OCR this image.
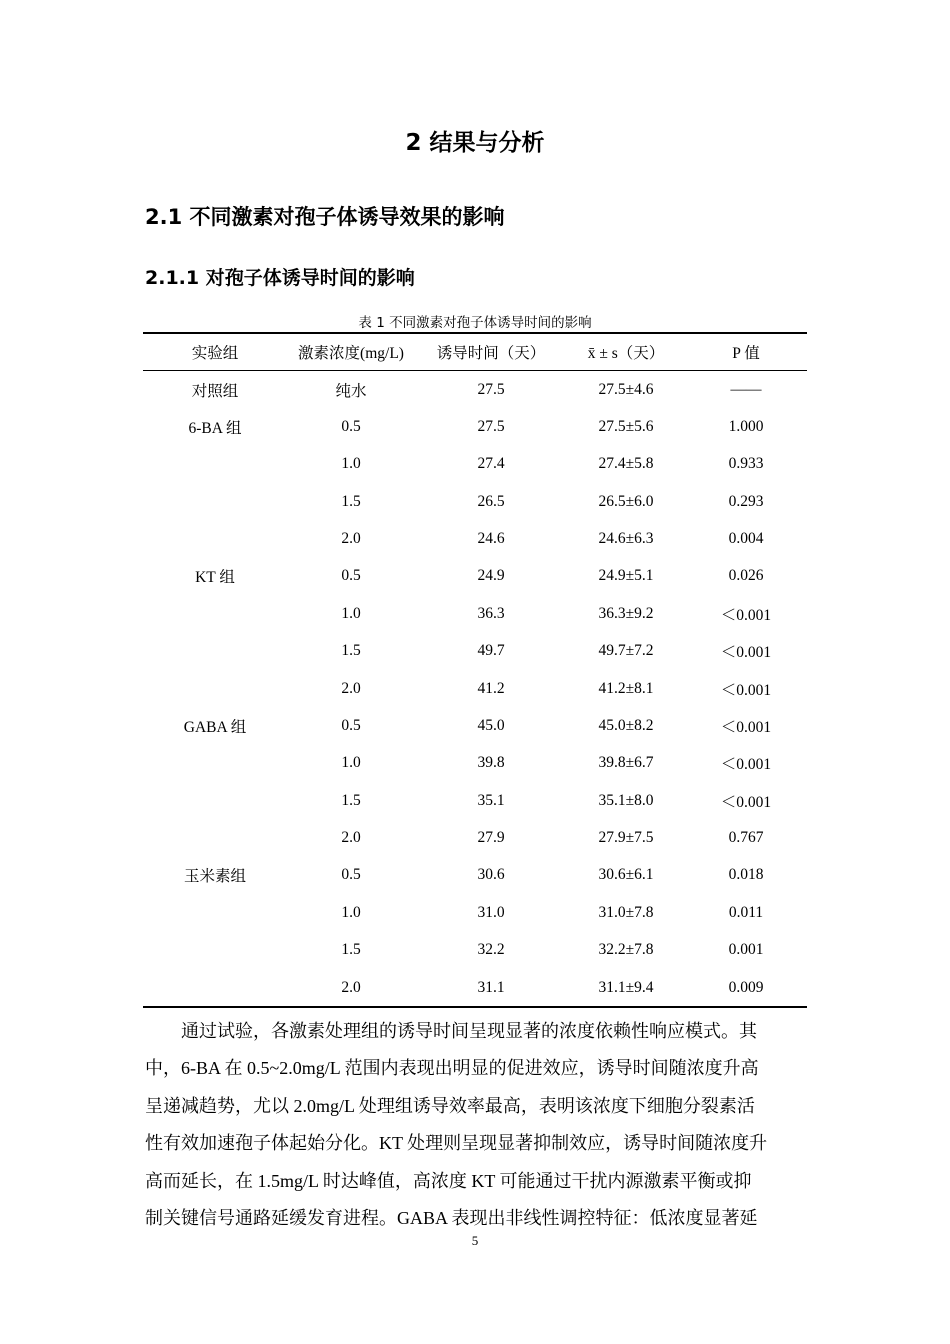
2 结果与分析
2.1 不同激素对孢子体诱导效果的影响
2.1.1 对孢子体诱导时间的影响
表 1 不同激素对孢子体诱导时间的影响
实验组	激素浓度(mg/L)	诱导时间（天）	x̄ ± s（天）	P 值
对照组	纯水	27.5	27.5±4.6	——
6-BA 组	0.5	27.5	27.5±5.6	1.000
1.0	27.4	27.4±5.8	0.933
1.5	26.5	26.5±6.0	0.293
2.0	24.6	24.6±6.3	0.004
KT 组	0.5	24.9	24.9±5.1	0.026
1.0	36.3	36.3±9.2	＜0.001
1.5	49.7	49.7±7.2	＜0.001
2.0	41.2	41.2±8.1	＜0.001
GABA 组	0.5	45.0	45.0±8.2	＜0.001
1.0	39.8	39.8±6.7	＜0.001
1.5	35.1	35.1±8.0	＜0.001
2.0	27.9	27.9±7.5	0.767
玉米素组	0.5	30.6	30.6±6.1	0.018
1.0	31.0	31.0±7.8	0.011
1.5	32.2	32.2±7.8	0.001
2.0	31.1	31.1±9.4	0.009
　　通过试验，各激素处理组的诱导时间呈现显著的浓度依赖性响应模式。其
中，6-BA 在 0.5~2.0mg/L 范围内表现出明显的促进效应，诱导时间随浓度升高
呈递减趋势，尤以 2.0mg/L 处理组诱导效率最高，表明该浓度下细胞分裂素活
性有效加速孢子体起始分化。KT 处理则呈现显著抑制效应，诱导时间随浓度升
高而延长，在 1.5mg/L 时达峰值，高浓度 KT 可能通过干扰内源激素平衡或抑
制关键信号通路延缓发育进程。GABA 表现出非线性调控特征：低浓度显著延
5
